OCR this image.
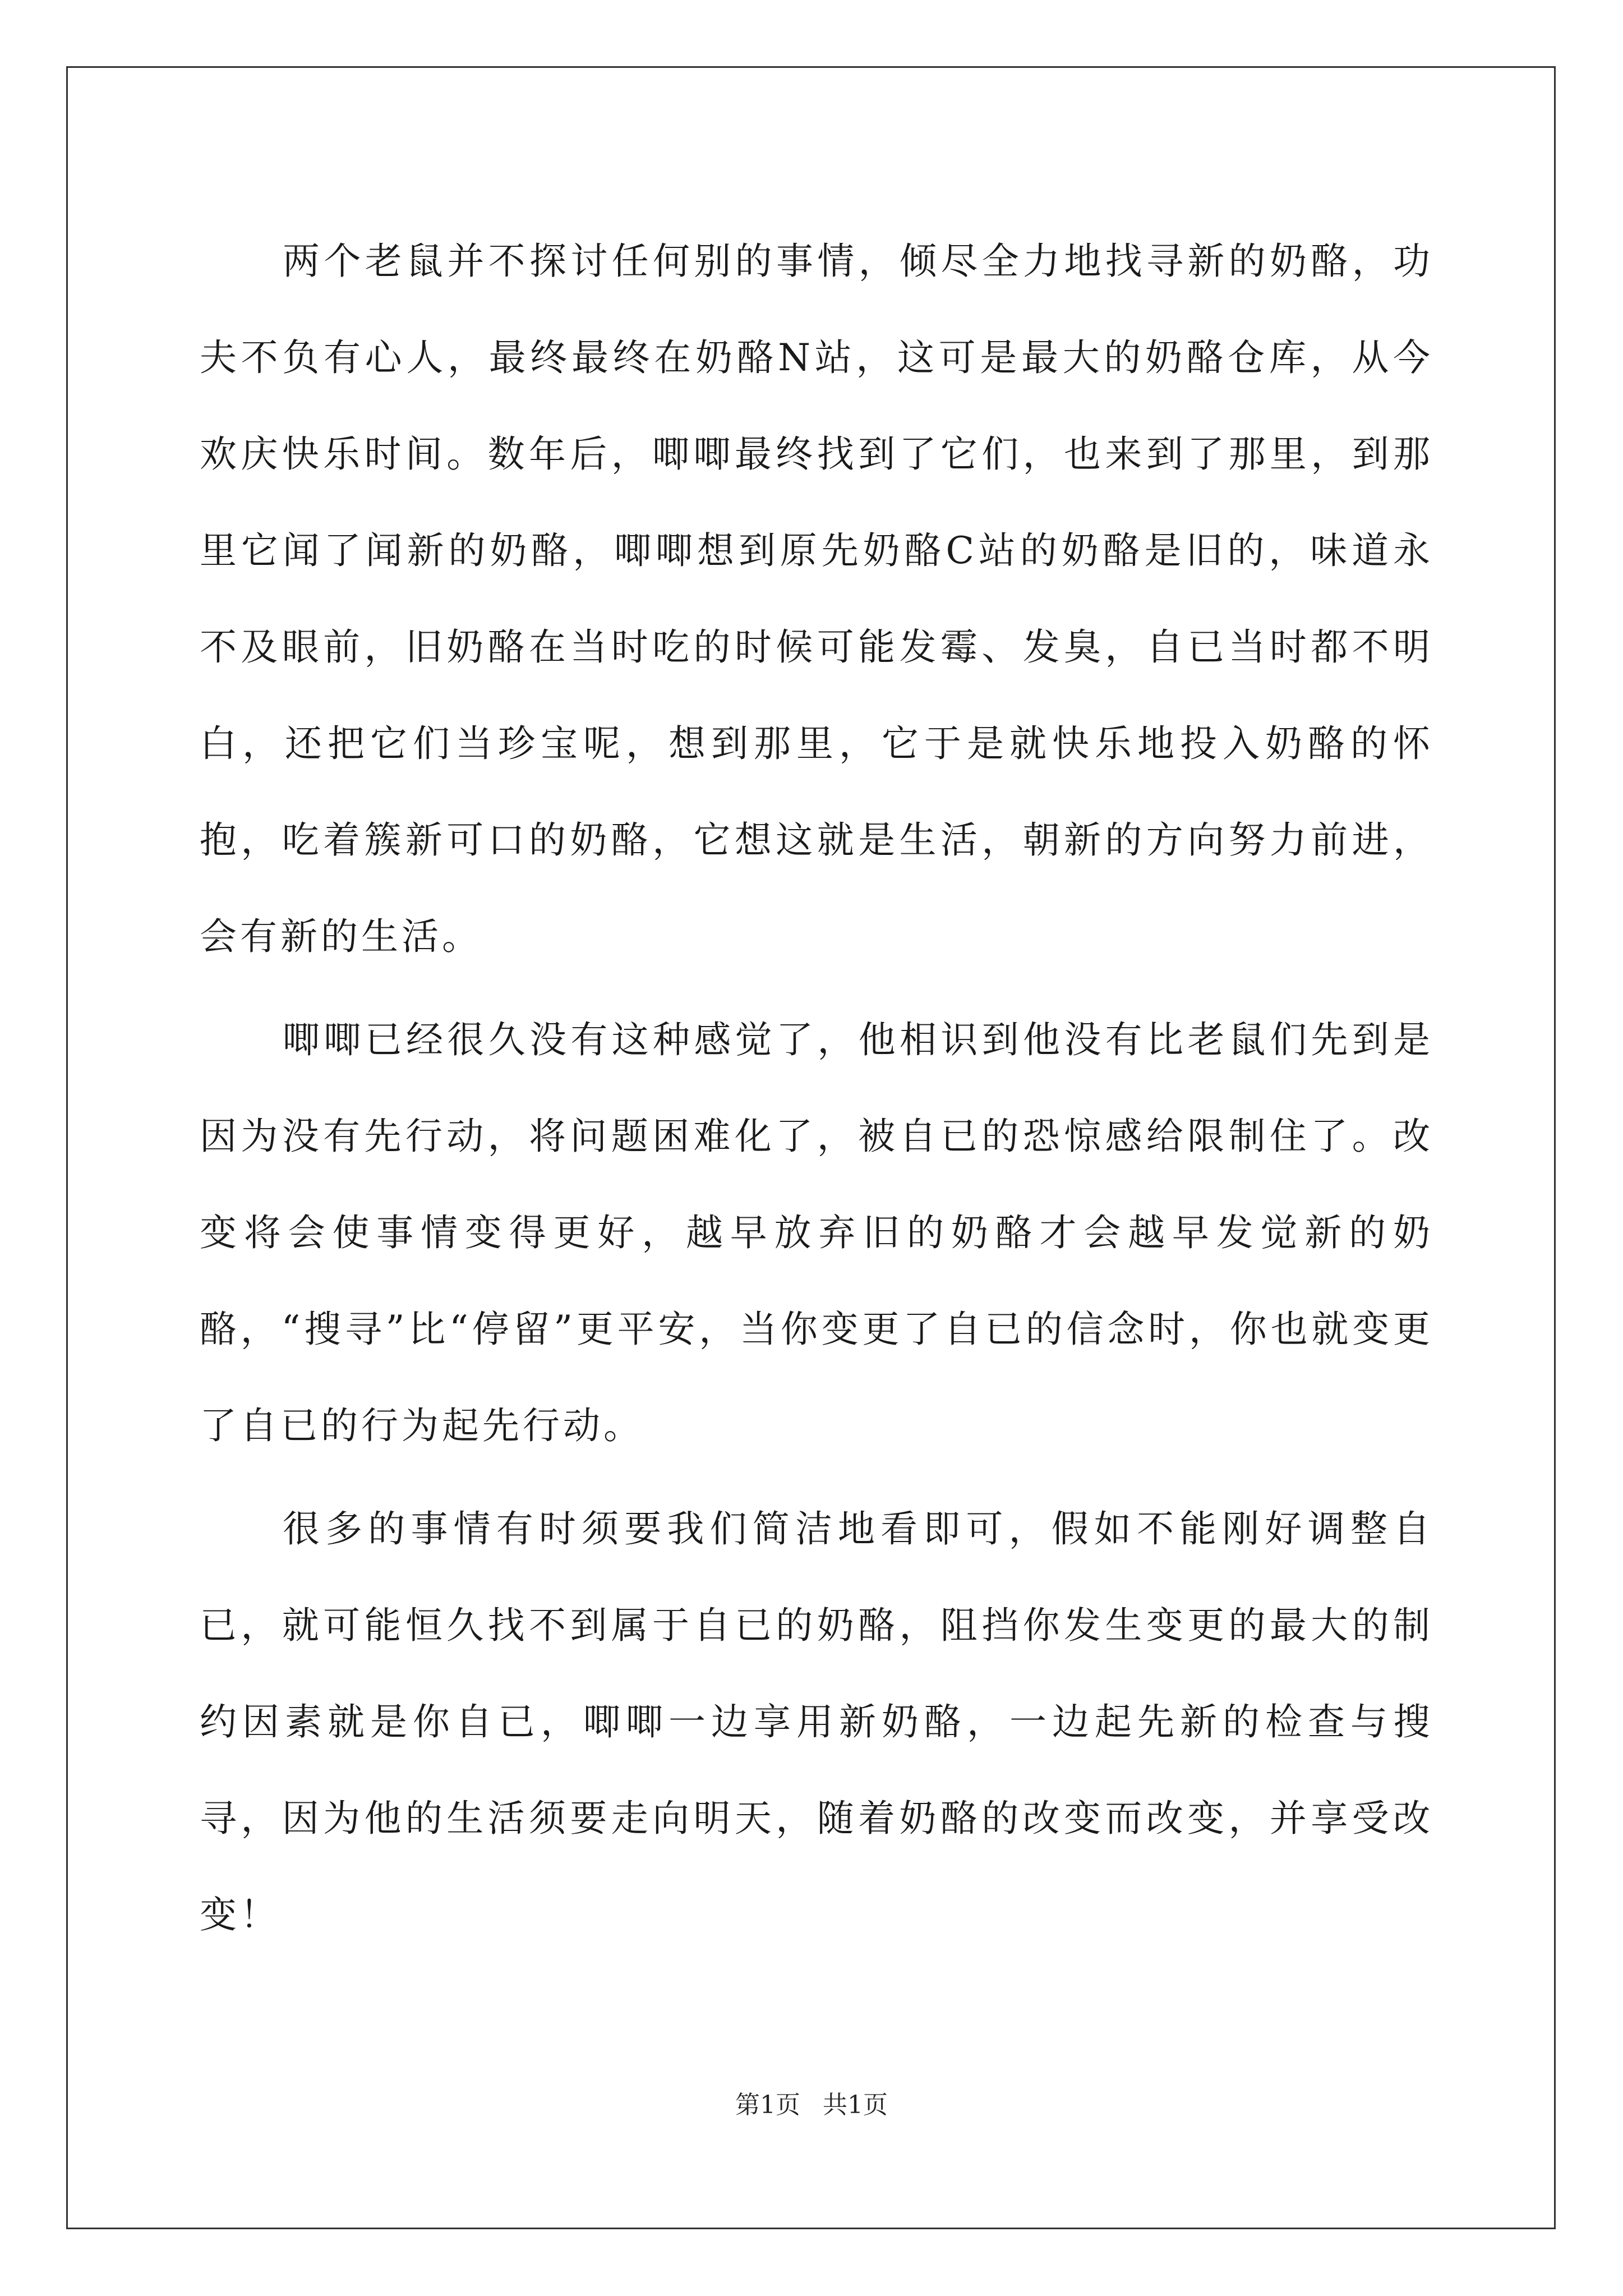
两个老鼠并不探讨任何别的事情，倾尽全力地找寻新的奶酪，功夫不负有心人，最终最终在奶酪N站，这可是最大的奶酪仓库，从今欢庆快乐时间。数年后，唧唧最终找到了它们，也来到了那里，到那里它闻了闻新的奶酪，唧唧想到原先奶酪C站的奶酪是旧的，味道永不及眼前，旧奶酪在当时吃的时候可能发霉、发臭，自已当时都不明白，还把它们当珍宝呢，想到那里，它于是就快乐地投入奶酪的怀抱，吃着簇新可口的奶酪，它想这就是生活，朝新的方向努力前进，会有新的生活。

唧唧已经很久没有这种感觉了，他相识到他没有比老鼠们先到是因为没有先行动，将问题困难化了，被自已的恐惊感给限制住了。改变将会使事情变得更好，越早放弃旧的奶酪才会越早发觉新的奶酪，“搜寻”比“停留”更平安，当你变更了自已的信念时，你也就变更了自已的行为起先行动。

很多的事情有时须要我们简洁地看即可，假如不能刚好调整自已，就可能恒久找不到属于自已的奶酪，阻挡你发生变更的最大的制约因素就是你自已，唧唧一边享用新奶酪，一边起先新的检查与搜寻，因为他的生活须要走向明天，随着奶酪的改变而改变，并享受改变！

第1页 共1页
